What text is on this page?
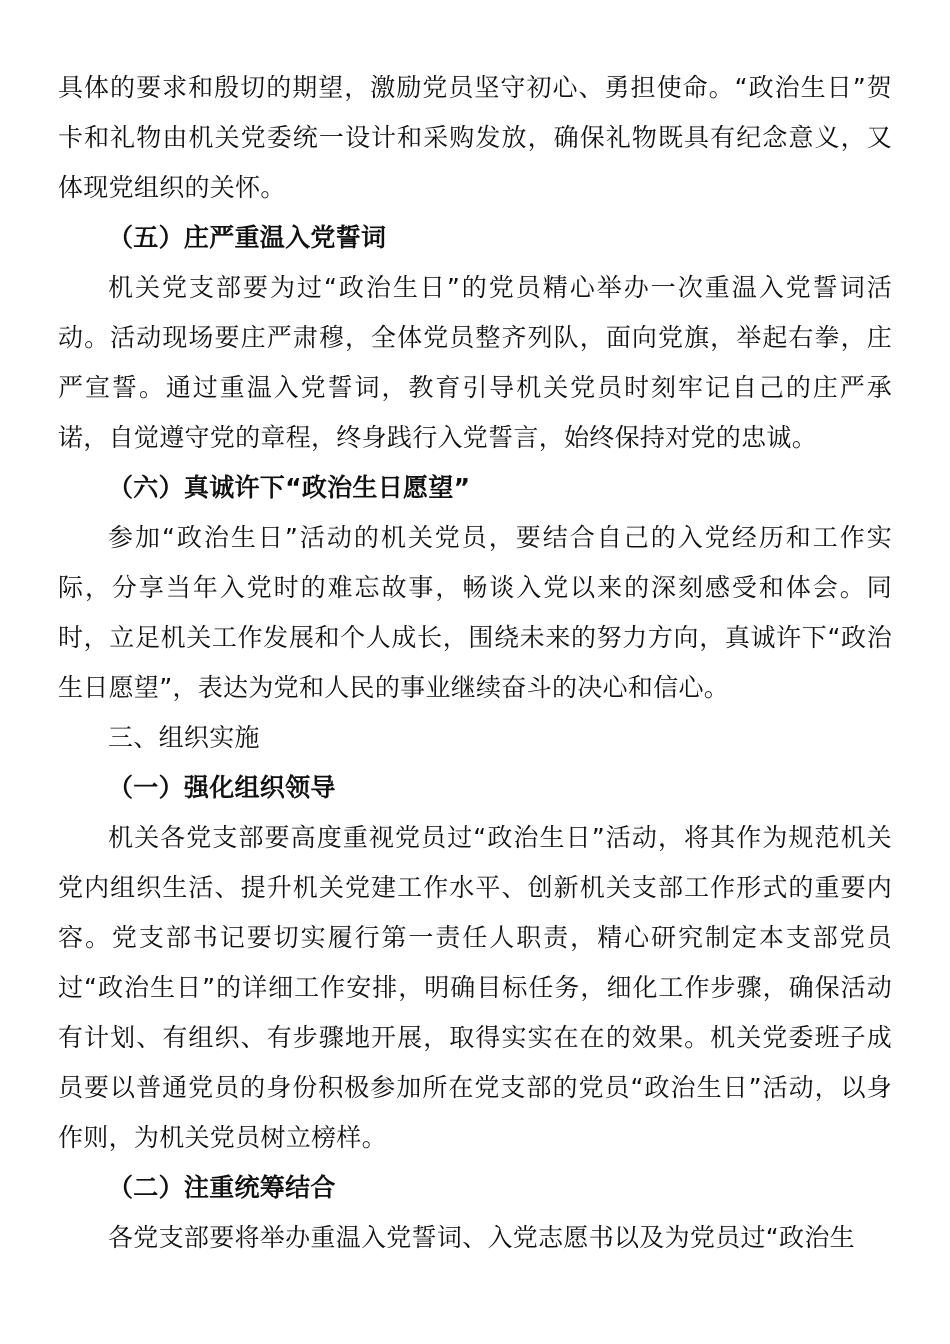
具体的要求和殷切的期望，激励党员坚守初心、勇担使命。“政治生日”贺卡和礼物由机关党委统一设计和采购发放，确保礼物既具有纪念意义，又体现党组织的关怀。

（五）庄严重温入党誓词

机关党支部要为过“政治生日”的党员精心举办一次重温入党誓词活动。活动现场要庄严肃穆，全体党员整齐列队，面向党旗，举起右拳，庄严宣誓。通过重温入党誓词，教育引导机关党员时刻牢记自己的庄严承诺，自觉遵守党的章程，终身践行入党誓言，始终保持对党的忠诚。

（六）真诚许下“政治生日愿望”

参加“政治生日”活动的机关党员，要结合自己的入党经历和工作实际，分享当年入党时的难忘故事，畅谈入党以来的深刻感受和体会。同时，立足机关工作发展和个人成长，围绕未来的努力方向，真诚许下“政治生日愿望”，表达为党和人民的事业继续奋斗的决心和信心。

三、组织实施

（一）强化组织领导

机关各党支部要高度重视党员过“政治生日”活动，将其作为规范机关党内组织生活、提升机关党建工作水平、创新机关支部工作形式的重要内容。党支部书记要切实履行第一责任人职责，精心研究制定本支部党员过“政治生日”的详细工作安排，明确目标任务，细化工作步骤，确保活动有计划、有组织、有步骤地开展，取得实实在在的效果。机关党委班子成员要以普通党员的身份积极参加所在党支部的党员“政治生日”活动，以身作则，为机关党员树立榜样。

（二）注重统筹结合

各党支部要将举办重温入党誓词、入党志愿书以及为党员过“政治生
